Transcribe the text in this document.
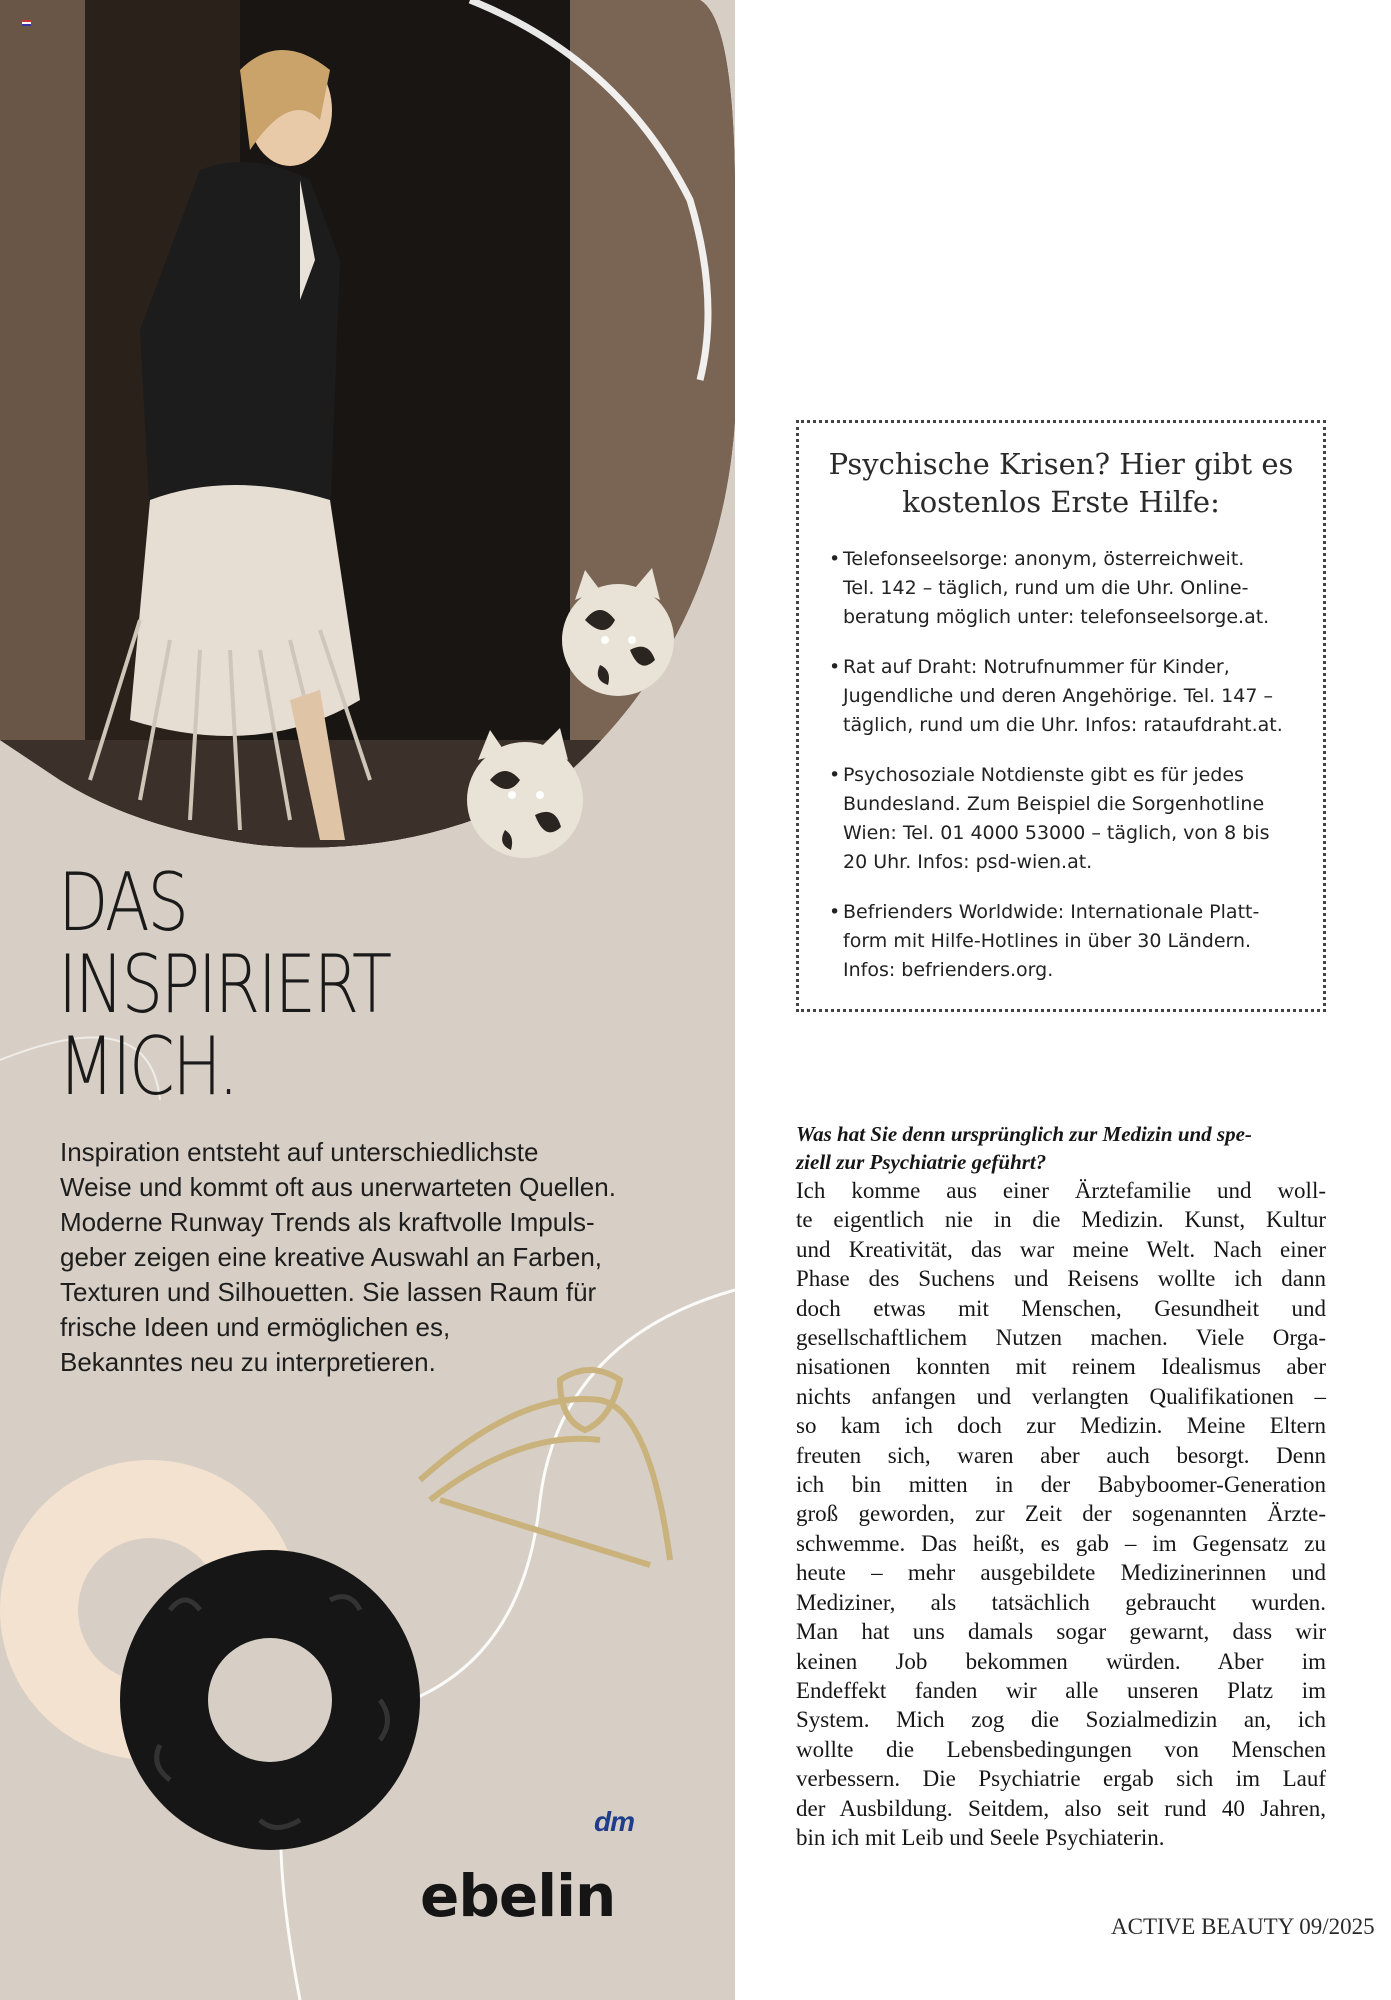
DAS
INSPIRIERT
MICH.
Inspiration entsteht auf unterschiedlichste
Weise und kommt oft aus unerwarteten Quellen.
Moderne Runway Trends als kraftvolle Impuls-
geber zeigen eine kreative Auswahl an Farben,
Texturen und Silhouetten. Sie lassen Raum für
frische Ideen und ermöglichen es,
Bekanntes neu zu interpretieren.
dm
ebelin
Psychische Krisen? Hier gibt es
kostenlos Erste Hilfe:
• Telefonseelsorge: anonym, österreichweit.
Tel. 142 – täglich, rund um die Uhr. Online-
beratung möglich unter: telefonseelsorge.at.
• Rat auf Draht: Notrufnummer für Kinder,
Jugendliche und deren Angehörige. Tel. 147 –
täglich, rund um die Uhr. Infos: rataufdraht.at.
• Psychosoziale Notdienste gibt es für jedes
Bundesland. Zum Beispiel die Sorgenhotline
Wien: Tel. 01 4000 53000 – täglich, von 8 bis
20 Uhr. Infos: psd-wien.at.
• Befrienders Worldwide: Internationale Platt-
form mit Hilfe-Hotlines in über 30 Ländern.
Infos: befrienders.org.
Was hat Sie denn ursprünglich zur Medizin und spe-
ziell zur Psychiatrie geführt?
Ich komme aus einer Ärztefamilie und woll-
te eigentlich nie in die Medizin. Kunst, Kultur
und Kreativität, das war meine Welt. Nach einer
Phase des Suchens und Reisens wollte ich dann
doch etwas mit Menschen, Gesundheit und
gesellschaftlichem Nutzen machen. Viele Orga-
nisationen konnten mit reinem Idealismus aber
nichts anfangen und verlangten Qualifikationen –
so kam ich doch zur Medizin. Meine Eltern
freuten sich, waren aber auch besorgt. Denn
ich bin mitten in der Babyboomer-Generation
groß geworden, zur Zeit der sogenannten Ärzte-
schwemme. Das heißt, es gab – im Gegensatz zu
heute – mehr ausgebildete Medizinerinnen und
Mediziner, als tatsächlich gebraucht wurden.
Man hat uns damals sogar gewarnt, dass wir
keinen Job bekommen würden. Aber im
Endeffekt fanden wir alle unseren Platz im
System. Mich zog die Sozialmedizin an, ich
wollte die Lebensbedingungen von Menschen
verbessern. Die Psychiatrie ergab sich im Lauf
der Ausbildung. Seitdem, also seit rund 40 Jahren,
bin ich mit Leib und Seele Psychiaterin.
ACTIVE BEAUTY 09/2025
